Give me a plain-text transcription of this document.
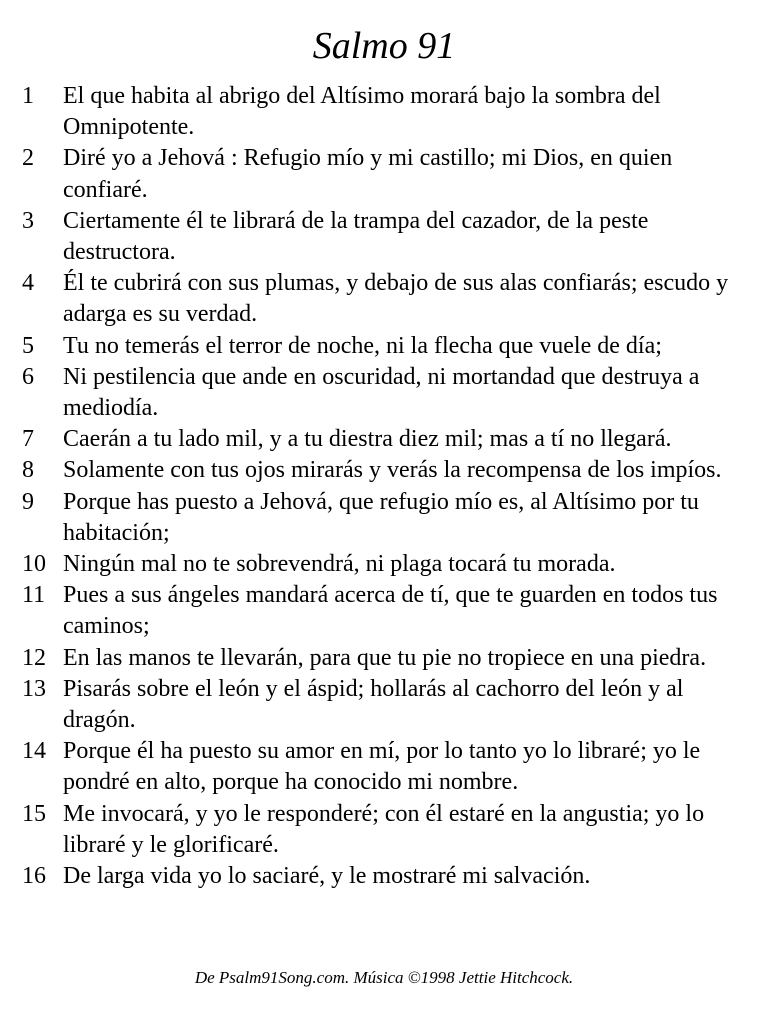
Salmo 91
1 El que habita al abrigo del Altísimo morará bajo la sombra del Omnipotente.
2 Diré yo a Jehová : Refugio mío y mi castillo; mi Dios, en quien confiaré.
3 Ciertamente él te librará de la trampa del cazador, de la peste destructora.
4 Él te cubrirá con sus plumas, y debajo de sus alas confiarás; escudo y adarga es su verdad.
5 Tu no temerás el terror de noche, ni la flecha que vuele de día;
6 Ni pestilencia que ande en oscuridad, ni mortandad que destruya a mediodía.
7 Caerán a tu lado mil, y a tu diestra diez mil; mas a tí no llegará.
8 Solamente con tus ojos mirarás y verás la recompensa de los impíos.
9 Porque has puesto a Jehová, que refugio mío es, al Altísimo por tu habitación;
10 Ningún mal no te sobrevendrá, ni plaga tocará tu morada.
11 Pues a sus ángeles mandará acerca de tí, que te guarden en todos tus caminos;
12 En las manos te llevarán, para que tu pie no tropiece en una piedra.
13 Pisarás sobre el león y el áspid; hollarás al cachorro del león y al dragón.
14 Porque él ha puesto su amor en mí, por lo tanto yo lo libraré; yo le pondré en alto, porque ha conocido mi nombre.
15 Me invocará, y yo le responderé; con él estaré en la angustia; yo lo libraré y le glorificaré.
16 De larga vida yo lo saciaré, y le mostraré mi salvación.
De Psalm91Song.com. Música ©1998 Jettie Hitchcock.
